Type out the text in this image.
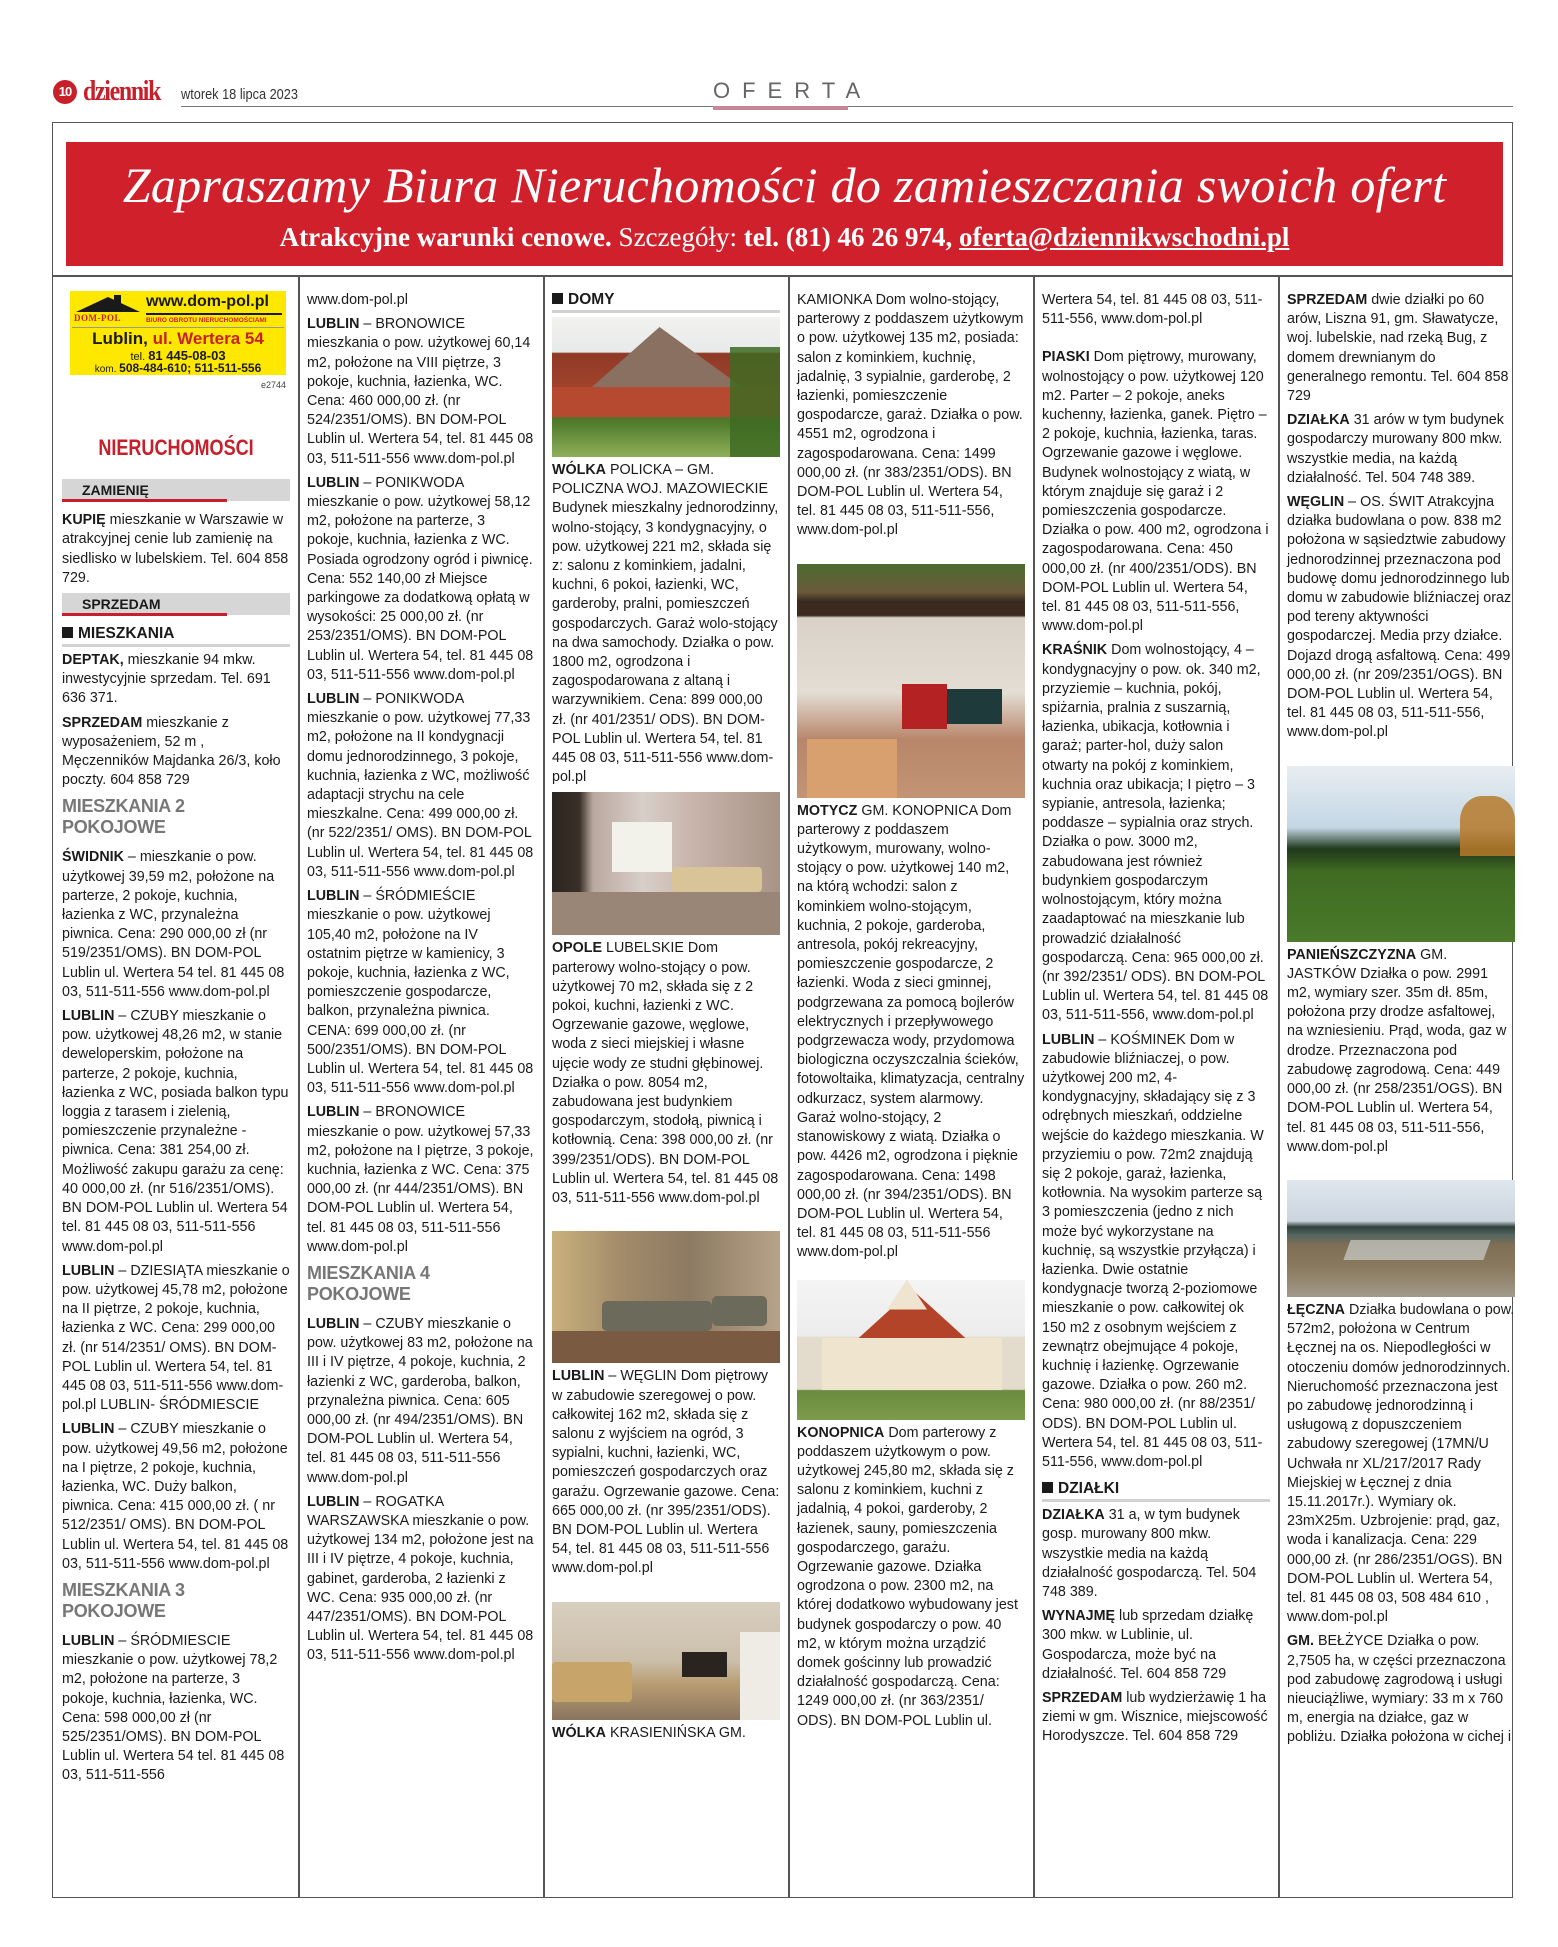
10 dziennik wtorek 18 lipca 2023	OFERTA
Zapraszamy Biura Nieruchomości do zamieszczania swoich ofert
Atrakcyjne warunki cenowe. Szczegóły: tel. (81) 46 26 974, oferta@dziennikwschodni.pl
DOM-POL
www.dom-pol.pl
BIURO OBROTU NIERUCHOMOŚCIAMI
Lublin, ul. Wertera 54
tel. 81 445-08-03
kom. 508-484-610; 511-511-556
e2744
NIERUCHOMOŚCI
ZAMIENIĘ

KUPIĘ mieszkanie w Warszawie w atrakcyjnej cenie lub zamienię na siedlisko w lubelskiem. Tel. 604 858 729.

SPRZEDAM
MIESZKANIA

DEPTAK, mieszkanie 94 mkw. inwestycyjnie sprzedam. Tel. 691 636 371.

SPRZEDAM mieszkanie z wyposażeniem, 52 m , Męczenników Majdanka 26/3, koło poczty. 604 858 729

MIESZKANIA 2 POKOJOWE

ŚWIDNIK – mieszkanie o pow. użytkowej 39,59 m2, położone na parterze, 2 pokoje, kuchnia, łazienka z WC, przynależna piwnica. Cena: 290 000,00 zł (nr 519/2351/OMS). BN DOM-POL Lublin ul. Wertera 54 tel. 81 445 08 03, 511-511-556 www.dom-pol.pl

LUBLIN – CZUBY mieszkanie o pow. użytkowej 48,26 m2, w stanie deweloperskim, położone na parterze, 2 pokoje, kuchnia, łazienka z WC, posiada balkon typu loggia z tarasem i zielenią, pomieszczenie przynależne - piwnica. Cena: 381 254,00 zł. Możliwość zakupu garażu za cenę: 40 000,00 zł. (nr 516/2351/OMS). BN DOM-POL Lublin ul. Wertera 54 tel. 81 445 08 03, 511-511-556 www.dom-pol.pl

LUBLIN – DZIESIĄTA mieszkanie o pow. użytkowej 45,78 m2, położone na II piętrze, 2 pokoje, kuchnia, łazienka z WC. Cena: 299 000,00 zł. (nr 514/2351/ OMS). BN DOM-POL Lublin ul. Wertera 54, tel. 81 445 08 03, 511-511-556 www.dom-pol.pl LUBLIN- ŚRÓDMIESCIE

LUBLIN – CZUBY mieszkanie o pow. użytkowej 49,56 m2, położone na I piętrze, 2 pokoje, kuchnia, łazienka, WC. Duży balkon, piwnica. Cena: 415 000,00 zł. ( nr 512/2351/ OMS). BN DOM-POL Lublin ul. Wertera 54, tel. 81 445 08 03, 511-511-556 www.dom-pol.pl

MIESZKANIA 3 POKOJOWE

LUBLIN – ŚRÓDMIESCIE mieszkanie o pow. użytkowej 78,2 m2, położone na parterze, 3 pokoje, kuchnia, łazienka, WC. Cena: 598 000,00 zł (nr 525/2351/OMS). BN DOM-POL Lublin ul. Wertera 54 tel. 81 445 08 03, 511-511-556

www.dom-pol.pl

LUBLIN – BRONOWICE mieszkania o pow. użytkowej 60,14 m2, położone na VIII piętrze, 3 pokoje, kuchnia, łazienka, WC. Cena: 460 000,00 zł. (nr 524/2351/OMS). BN DOM-POL Lublin ul. Wertera 54, tel. 81 445 08 03, 511-511-556 www.dom-pol.pl

LUBLIN – PONIKWODA mieszkanie o pow. użytkowej 58,12 m2, położone na parterze, 3 pokoje, kuchnia, łazienka z WC. Posiada ogrodzony ogród i piwnicę. Cena: 552 140,00 zł Miejsce parkingowe za dodatkową opłatą w wysokości: 25 000,00 zł. (nr 253/2351/OMS). BN DOM-POL Lublin ul. Wertera 54, tel. 81 445 08 03, 511-511-556 www.dom-pol.pl

LUBLIN – PONIKWODA mieszkanie o pow. użytkowej 77,33 m2, położone na II kondygnacji domu jednorodzinnego, 3 pokoje, kuchnia, łazienka z WC, możliwość adaptacji strychu na cele mieszkalne. Cena: 499 000,00 zł. (nr 522/2351/ OMS). BN DOM-POL Lublin ul. Wertera 54, tel. 81 445 08 03, 511-511-556 www.dom-pol.pl

LUBLIN – ŚRÓDMIEŚCIE mieszkanie o pow. użytkowej 105,40 m2, położone na IV ostatnim piętrze w kamienicy, 3 pokoje, kuchnia, łazienka z WC, pomieszczenie gospodarcze, balkon, przynależna piwnica. CENA: 699 000,00 zł. (nr 500/2351/OMS). BN DOM-POL Lublin ul. Wertera 54, tel. 81 445 08 03, 511-511-556 www.dom-pol.pl

LUBLIN – BRONOWICE mieszkanie o pow. użytkowej 57,33 m2, położone na I piętrze, 3 pokoje, kuchnia, łazienka z WC. Cena: 375 000,00 zł. (nr 444/2351/OMS). BN DOM-POL Lublin ul. Wertera 54, tel. 81 445 08 03, 511-511-556 www.dom-pol.pl

MIESZKANIA 4 POKOJOWE

LUBLIN – CZUBY mieszkanie o pow. użytkowej 83 m2, położone na III i IV piętrze, 4 pokoje, kuchnia, 2 łazienki z WC, garderoba, balkon, przynależna piwnica. Cena: 605 000,00 zł. (nr 494/2351/OMS). BN DOM-POL Lublin ul. Wertera 54, tel. 81 445 08 03, 511-511-556 www.dom-pol.pl

LUBLIN – ROGATKA WARSZAWSKA mieszkanie o pow. użytkowej 134 m2, położone jest na III i IV piętrze, 4 pokoje, kuchnia, gabinet, garderoba, 2 łazienki z WC. Cena: 935 000,00 zł. (nr 447/2351/OMS). BN DOM-POL Lublin ul. Wertera 54, tel. 81 445 08 03, 511-511-556 www.dom-pol.pl

DOMY

WÓLKA POLICKA – GM. POLICZNA WOJ. MAZOWIECKIE Budynek mieszkalny jednorodzinny, wolno-stojący, 3 kondygnacyjny, o pow. użytkowej 221 m2, składa się z: salonu z kominkiem, jadalni, kuchni, 6 pokoi, łazienki, WC, garderoby, pralni, pomieszczeń gospodarczych. Garaż wolo-stojący na dwa samochody. Działka o pow. 1800 m2, ogrodzona i zagospodarowana z altaną i warzywnikiem. Cena: 899 000,00 zł. (nr 401/2351/ ODS). BN DOM-POL Lublin ul. Wertera 54, tel. 81 445 08 03, 511-511-556 www.dom-pol.pl

OPOLE LUBELSKIE Dom parterowy wolno-stojący o pow. użytkowej 70 m2, składa się z 2 pokoi, kuchni, łazienki z WC. Ogrzewanie gazowe, węglowe, woda z sieci miejskiej i własne ujęcie wody ze studni głębinowej. Działka o pow. 8054 m2, zabudowana jest budynkiem gospodarczym, stodołą, piwnicą i kotłownią. Cena: 398 000,00 zł. (nr 399/2351/ODS). BN DOM-POL Lublin ul. Wertera 54, tel. 81 445 08 03, 511-511-556 www.dom-pol.pl

LUBLIN – WĘGLIN Dom piętrowy w zabudowie szeregowej o pow. całkowitej 162 m2, składa się z salonu z wyjściem na ogród, 3 sypialni, kuchni, łazienki, WC, pomieszczeń gospodarczych oraz garażu. Ogrzewanie gazowe. Cena: 665 000,00 zł. (nr 395/2351/ODS). BN DOM-POL Lublin ul. Wertera 54, tel. 81 445 08 03, 511-511-556 www.dom-pol.pl

WÓLKA KRASIENIŃSKA GM.

KAMIONKA Dom wolno-stojący, parterowy z poddaszem użytkowym o pow. użytkowej 135 m2, posiada: salon z kominkiem, kuchnię, jadalnię, 3 sypialnie, garderobę, 2 łazienki, pomieszczenie gospodarcze, garaż. Działka o pow. 4551 m2, ogrodzona i zagospodarowana. Cena: 1499 000,00 zł. (nr 383/2351/ODS). BN DOM-POL Lublin ul. Wertera 54, tel. 81 445 08 03, 511-511-556, www.dom-pol.pl

MOTYCZ GM. KONOPNICA Dom parterowy z poddaszem użytkowym, murowany, wolno-stojący o pow. użytkowej 140 m2, na którą wchodzi: salon z kominkiem wolno-stojącym, kuchnia, 2 pokoje, garderoba, antresola, pokój rekreacyjny, pomieszczenie gospodarcze, 2 łazienki. Woda z sieci gminnej, podgrzewana za pomocą bojlerów elektrycznych i przepływowego podgrzewacza wody, przydomowa biologiczna oczyszczalnia ścieków, fotowoltaika, klimatyzacja, centralny odkurzacz, system alarmowy. Garaż wolno-stojący, 2 stanowiskowy z wiatą. Działka o pow. 4426 m2, ogrodzona i pięknie zagospodarowana. Cena: 1498 000,00 zł. (nr 394/2351/ODS). BN DOM-POL Lublin ul. Wertera 54, tel. 81 445 08 03, 511-511-556 www.dom-pol.pl

KONOPNICA Dom parterowy z poddaszem użytkowym o pow. użytkowej 245,80 m2, składa się z salonu z kominkiem, kuchni z jadalnią, 4 pokoi, garderoby, 2 łazienek, sauny, pomieszczenia gospodarczego, garażu. Ogrzewanie gazowe. Działka ogrodzona o pow. 2300 m2, na której dodatkowo wybudowany jest budynek gospodarczy o pow. 40 m2, w którym można urządzić domek gościnny lub prowadzić działalność gospodarczą. Cena: 1249 000,00 zł. (nr 363/2351/ ODS). BN DOM-POL Lublin ul.

Wertera 54, tel. 81 445 08 03, 511-511-556, www.dom-pol.pl

PIASKI Dom piętrowy, murowany, wolnostojący o pow. użytkowej 120 m2. Parter – 2 pokoje, aneks kuchenny, łazienka, ganek. Piętro – 2 pokoje, kuchnia, łazienka, taras. Ogrzewanie gazowe i węglowe. Budynek wolnostojący z wiatą, w którym znajduje się garaż i 2 pomieszczenia gospodarcze. Działka o pow. 400 m2, ogrodzona i zagospodarowana. Cena: 450 000,00 zł. (nr 400/2351/ODS). BN DOM-POL Lublin ul. Wertera 54, tel. 81 445 08 03, 511-511-556, www.dom-pol.pl

KRAŚNIK Dom wolnostojący, 4 – kondygnacyjny o pow. ok. 340 m2, przyziemie – kuchnia, pokój, spiżarnia, pralnia z suszarnią, łazienka, ubikacja, kotłownia i garaż; parter-hol, duży salon otwarty na pokój z kominkiem, kuchnia oraz ubikacja; I piętro – 3 sypianie, antresola, łazienka; poddasze – sypialnia oraz strych. Działka o pow. 3000 m2, zabudowana jest również budynkiem gospodarczym wolnostojącym, który można zaadaptować na mieszkanie lub prowadzić działalność gospodarczą. Cena: 965 000,00 zł. (nr 392/2351/ ODS). BN DOM-POL Lublin ul. Wertera 54, tel. 81 445 08 03, 511-511-556, www.dom-pol.pl

LUBLIN – KOŚMINEK Dom w zabudowie bliźniaczej, o pow. użytkowej 200 m2, 4-kondygnacyjny, składający się z 3 odrębnych mieszkań, oddzielne wejście do każdego mieszkania. W przyziemiu o pow. 72m2 znajdują się 2 pokoje, garaż, łazienka, kotłownia. Na wysokim parterze są 3 pomieszczenia (jedno z nich może być wykorzystane na kuchnię, są wszystkie przyłącza) i łazienka. Dwie ostatnie kondygnacje tworzą 2-poziomowe mieszkanie o pow. całkowitej ok 150 m2 z osobnym wejściem z zewnątrz obejmujące 4 pokoje, kuchnię i łazienkę. Ogrzewanie gazowe. Działka o pow. 260 m2. Cena: 980 000,00 zł. (nr 88/2351/ ODS). BN DOM-POL Lublin ul. Wertera 54, tel. 81 445 08 03, 511-511-556, www.dom-pol.pl

DZIAŁKI

DZIAŁKA 31 a, w tym budynek gosp. murowany 800 mkw. wszystkie media na każdą działalność gospodarczą. Tel. 504 748 389.

WYNAJMĘ lub sprzedam działkę 300 mkw. w Lublinie, ul. Gospodarcza, może być na działalność. Tel. 604 858 729

SPRZEDAM lub wydzierżawię 1 ha ziemi w gm. Wisznice, miejscowość Horodyszcze. Tel. 604 858 729

SPRZEDAM dwie działki po 60 arów, Liszna 91, gm. Sławatycze, woj. lubelskie, nad rzeką Bug, z domem drewnianym do generalnego remontu. Tel. 604 858 729

DZIAŁKA 31 arów w tym budynek gospodarczy murowany 800 mkw. wszystkie media, na każdą działalność. Tel. 504 748 389.

WĘGLIN – OS. ŚWIT Atrakcyjna działka budowlana o pow. 838 m2 położona w sąsiedztwie zabudowy jednorodzinnej przeznaczona pod budowę domu jednorodzinnego lub domu w zabudowie bliźniaczej oraz pod tereny aktywności gospodarczej. Media przy działce. Dojazd drogą asfaltową. Cena: 499 000,00 zł. (nr 209/2351/OGS). BN DOM-POL Lublin ul. Wertera 54, tel. 81 445 08 03, 511-511-556, www.dom-pol.pl

PANIEŃSZCZYZNA GM. JASTKÓW Działka o pow. 2991 m2, wymiary szer. 35m dł. 85m, położona przy drodze asfaltowej, na wzniesieniu. Prąd, woda, gaz w drodze. Przeznaczona pod zabudowę zagrodową. Cena: 449 000,00 zł. (nr 258/2351/OGS). BN DOM-POL Lublin ul. Wertera 54, tel. 81 445 08 03, 511-511-556, www.dom-pol.pl

ŁĘCZNA Działka budowlana o pow. 572m2, położona w Centrum Łęcznej na os. Niepodległości w otoczeniu domów jednorodzinnych. Nieruchomość przeznaczona jest po zabudowę jednorodzinną i usługową z dopuszczeniem zabudowy szeregowej (17MN/U Uchwała nr XL/217/2017 Rady Miejskiej w Łęcznej z dnia 15.11.2017r.). Wymiary ok. 23mX25m. Uzbrojenie: prąd, gaz, woda i kanalizacja. Cena: 229 000,00 zł. (nr 286/2351/OGS). BN DOM-POL Lublin ul. Wertera 54, tel. 81 445 08 03, 508 484 610 , www.dom-pol.pl

GM. BEŁŻYCE Działka o pow. 2,7505 ha, w części przeznaczona pod zabudowę zagrodową i usługi nieuciążliwe, wymiary: 33 m x 760 m, energia na działce, gaz w pobliżu. Działka położona w cichej i
